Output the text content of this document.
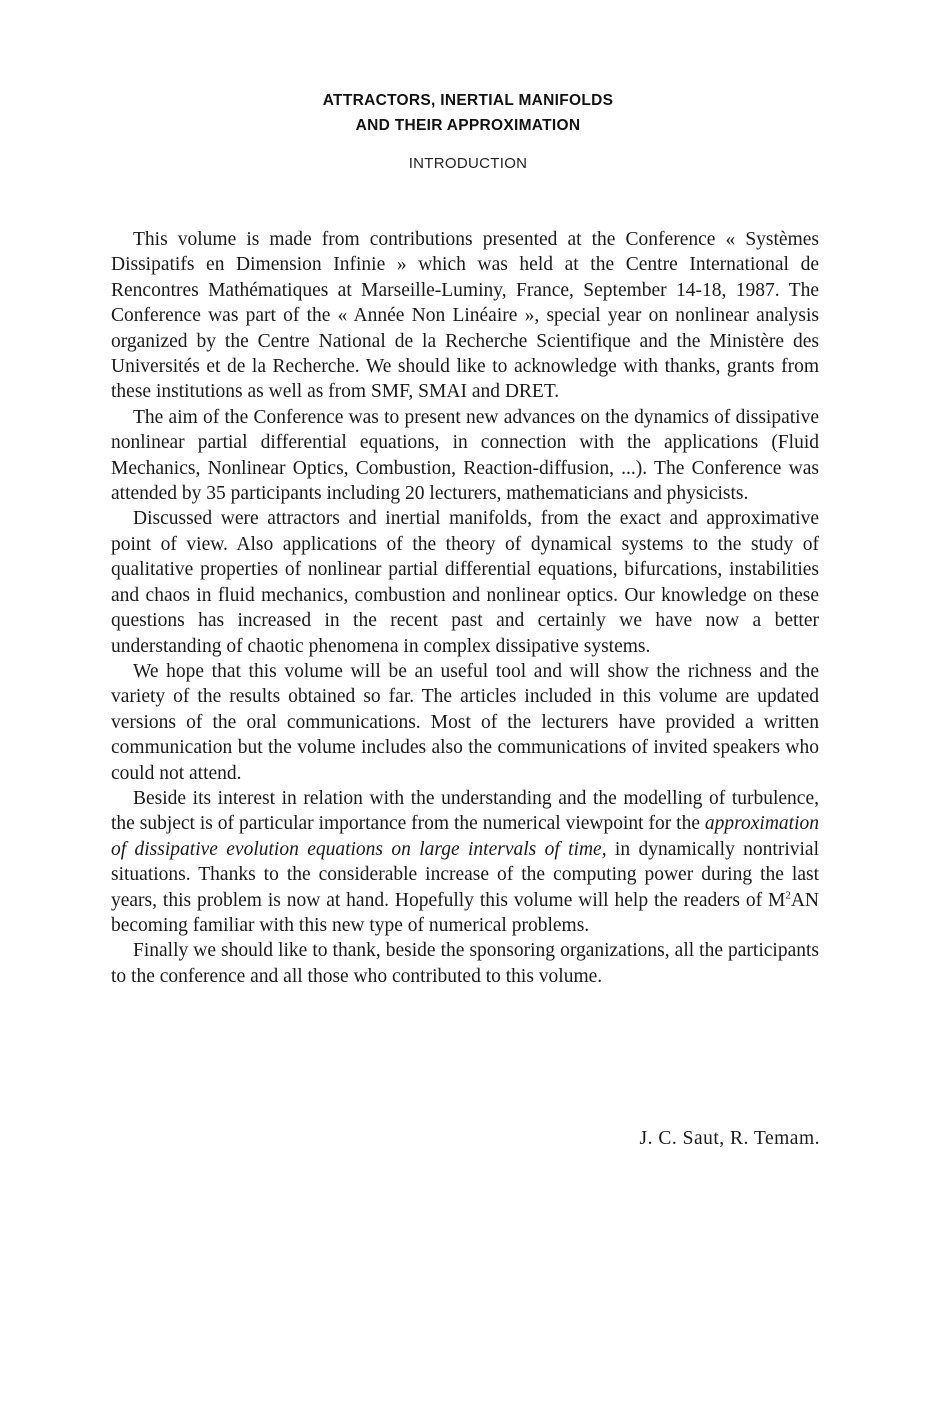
ATTRACTORS, INERTIAL MANIFOLDS
AND THEIR APPROXIMATION
INTRODUCTION

This volume is made from contributions presented at the Conference « Systèmes Dissipatifs en Dimension Infinie » which was held at the Centre International de Rencontres Mathématiques at Marseille-Luminy, France, September 14-18, 1987. The Conference was part of the « Année Non Linéaire », special year on nonlinear analysis organized by the Centre National de la Recherche Scientifique and the Ministère des Universités et de la Recherche. We should like to acknowledge with thanks, grants from these institutions as well as from SMF, SMAI and DRET.

The aim of the Conference was to present new advances on the dynamics of dissipative nonlinear partial differential equations, in connection with the applications (Fluid Mechanics, Nonlinear Optics, Combustion, Reaction-diffusion, ...). The Conference was attended by 35 participants including 20 lecturers, mathematicians and physicists.

Discussed were attractors and inertial manifolds, from the exact and approximative point of view. Also applications of the theory of dynamical systems to the study of qualitative properties of nonlinear partial differential equations, bifurcations, instabilities and chaos in fluid mechanics, combustion and nonlinear optics. Our knowledge on these questions has increased in the recent past and certainly we have now a better understanding of chaotic phenomena in complex dissipative systems.

We hope that this volume will be an useful tool and will show the richness and the variety of the results obtained so far. The articles included in this volume are updated versions of the oral communications. Most of the lecturers have provided a written communication but the volume includes also the communications of invited speakers who could not attend.

Beside its interest in relation with the understanding and the modelling of turbulence, the subject is of particular importance from the numerical viewpoint for the approximation of dissipative evolution equations on large intervals of time, in dynamically nontrivial situations. Thanks to the considerable increase of the computing power during the last years, this problem is now at hand. Hopefully this volume will help the readers of $M^2AN$ becoming familiar with this new type of numerical problems.

Finally we should like to thank, beside the sponsoring organizations, all the participants to the conference and all those who contributed to this volume.

J. C. Saut, R. Temam.
